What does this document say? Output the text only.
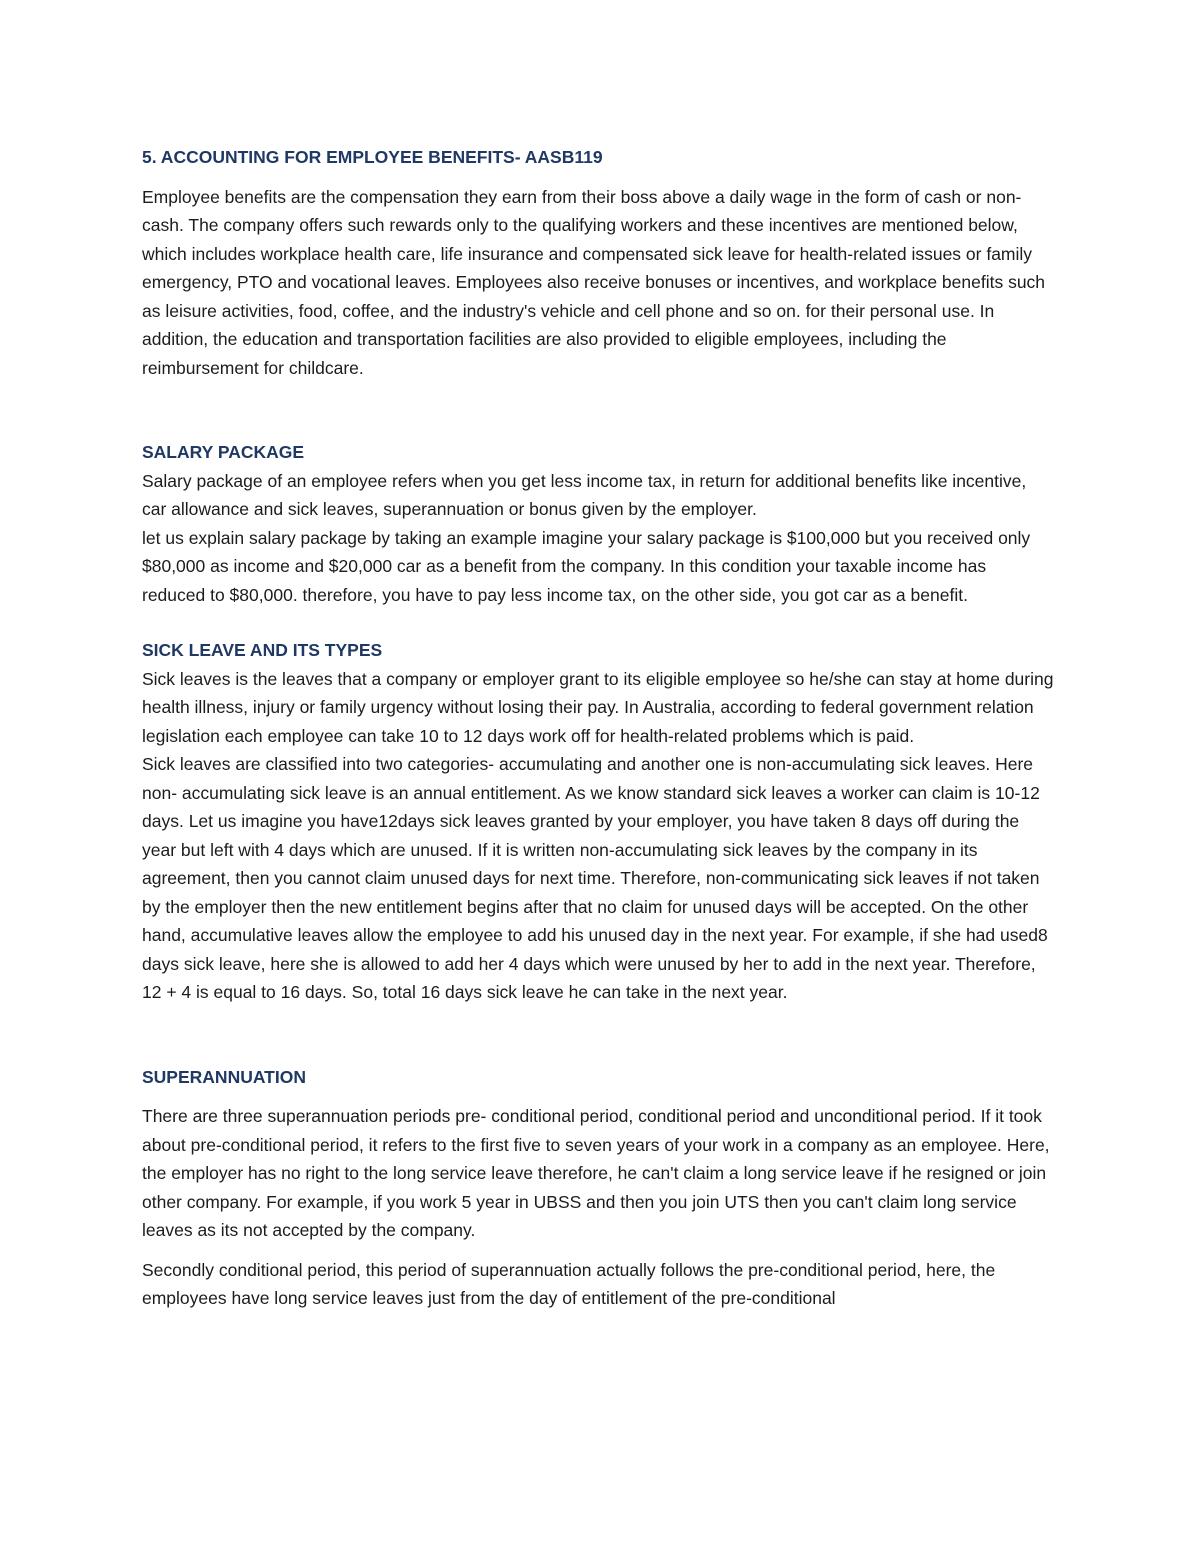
5. ACCOUNTING FOR EMPLOYEE BENEFITS- AASB119

Employee benefits are the compensation they earn from their boss above a daily wage in the form of cash or non-cash. The company offers such rewards only to the qualifying workers and these incentives are mentioned below, which includes workplace health care, life insurance and compensated sick leave for health-related issues or family emergency, PTO and vocational leaves. Employees also receive bonuses or incentives, and workplace benefits such as leisure activities, food, coffee, and the industry's vehicle and cell phone and so on. for their personal use. In addition, the education and transportation facilities are also provided to eligible employees, including the reimbursement for childcare.

SALARY PACKAGE

Salary package of an employee refers when you get less income tax, in return for additional benefits like incentive, car allowance and sick leaves, superannuation or bonus given by the employer.

let us explain salary package by taking an example imagine your salary package is $100,000 but you received only $80,000 as income and $20,000 car as a benefit from the company. In this condition your taxable income has reduced to $80,000. therefore, you have to pay less income tax, on the other side, you got car as a benefit.

SICK LEAVE AND ITS TYPES

Sick leaves is the leaves that a company or employer grant to its eligible employee so he/she can stay at home during health illness, injury or family urgency without losing their pay. In Australia, according to federal government relation legislation each employee can take 10 to 12 days work off for health-related problems which is paid.

Sick leaves are classified into two categories- accumulating and another one is non-accumulating sick leaves. Here non- accumulating sick leave is an annual entitlement. As we know standard sick leaves a worker can claim is 10-12 days. Let us imagine you have12days sick leaves granted by your employer, you have taken 8 days off during the year but left with 4 days which are unused. If it is written non-accumulating sick leaves by the company in its agreement, then you cannot claim unused days for next time. Therefore, non-communicating sick leaves if not taken by the employer then the new entitlement begins after that no claim for unused days will be accepted. On the other hand, accumulative leaves allow the employee to add his unused day in the next year. For example, if she had used8 days sick leave, here she is allowed to add her 4 days which were unused by her to add in the next year. Therefore, 12 + 4 is equal to 16 days. So, total 16 days sick leave he can take in the next year.

SUPERANNUATION

There are three superannuation periods pre- conditional period, conditional period and unconditional period. If it took about pre-conditional period, it refers to the first five to seven years of your work in a company as an employee. Here, the employer has no right to the long service leave therefore, he can't claim a long service leave if he resigned or join other company. For example, if you work 5 year in UBSS and then you join UTS then you can't claim long service leaves as its not accepted by the company.

Secondly conditional period, this period of superannuation actually follows the pre-conditional period, here, the employees have long service leaves just from the day of entitlement of the pre-conditional
